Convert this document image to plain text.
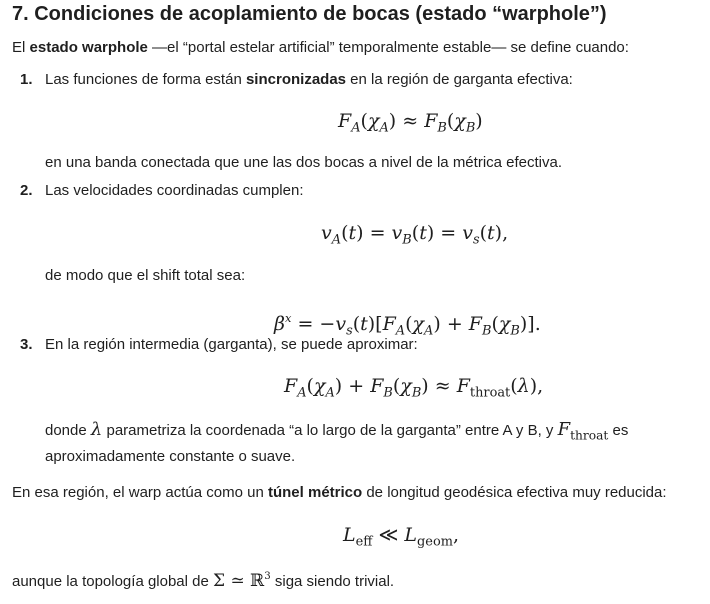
7. Condiciones de acoplamiento de bocas (estado “warphole”)
El estado warphole —el “portal estelar artificial” temporalmente estable— se define cuando:
1. Las funciones de forma están sincronizadas en la región de garganta efectiva:
$F_A(\chi_A) \approx F_B(\chi_B)$
en una banda conectada que une las dos bocas a nivel de la métrica efectiva.
2. Las velocidades coordinadas cumplen:
$v_A(t) = v_B(t) = v_s(t)$,
de modo que el shift total sea:
$\beta^x = -v_s(t)[F_A(\chi_A) + F_B(\chi_B)]$.
3. En la región intermedia (garganta), se puede aproximar:
$F_A(\chi_A) + F_B(\chi_B) \approx F_{throat}(\lambda)$,
donde λ parametriza la coordenada “a lo largo de la garganta” entre A y B, y $F_{throat}$ es
aproximadamente constante o suave.
En esa región, el warp actúa como un túnel métrico de longitud geodésica efectiva muy reducida:
$L_{eff}$ ≪ $L_{geom}$,
aunque la topología global de Σ ≃ ℝ$^3$ siga siendo trivial.
